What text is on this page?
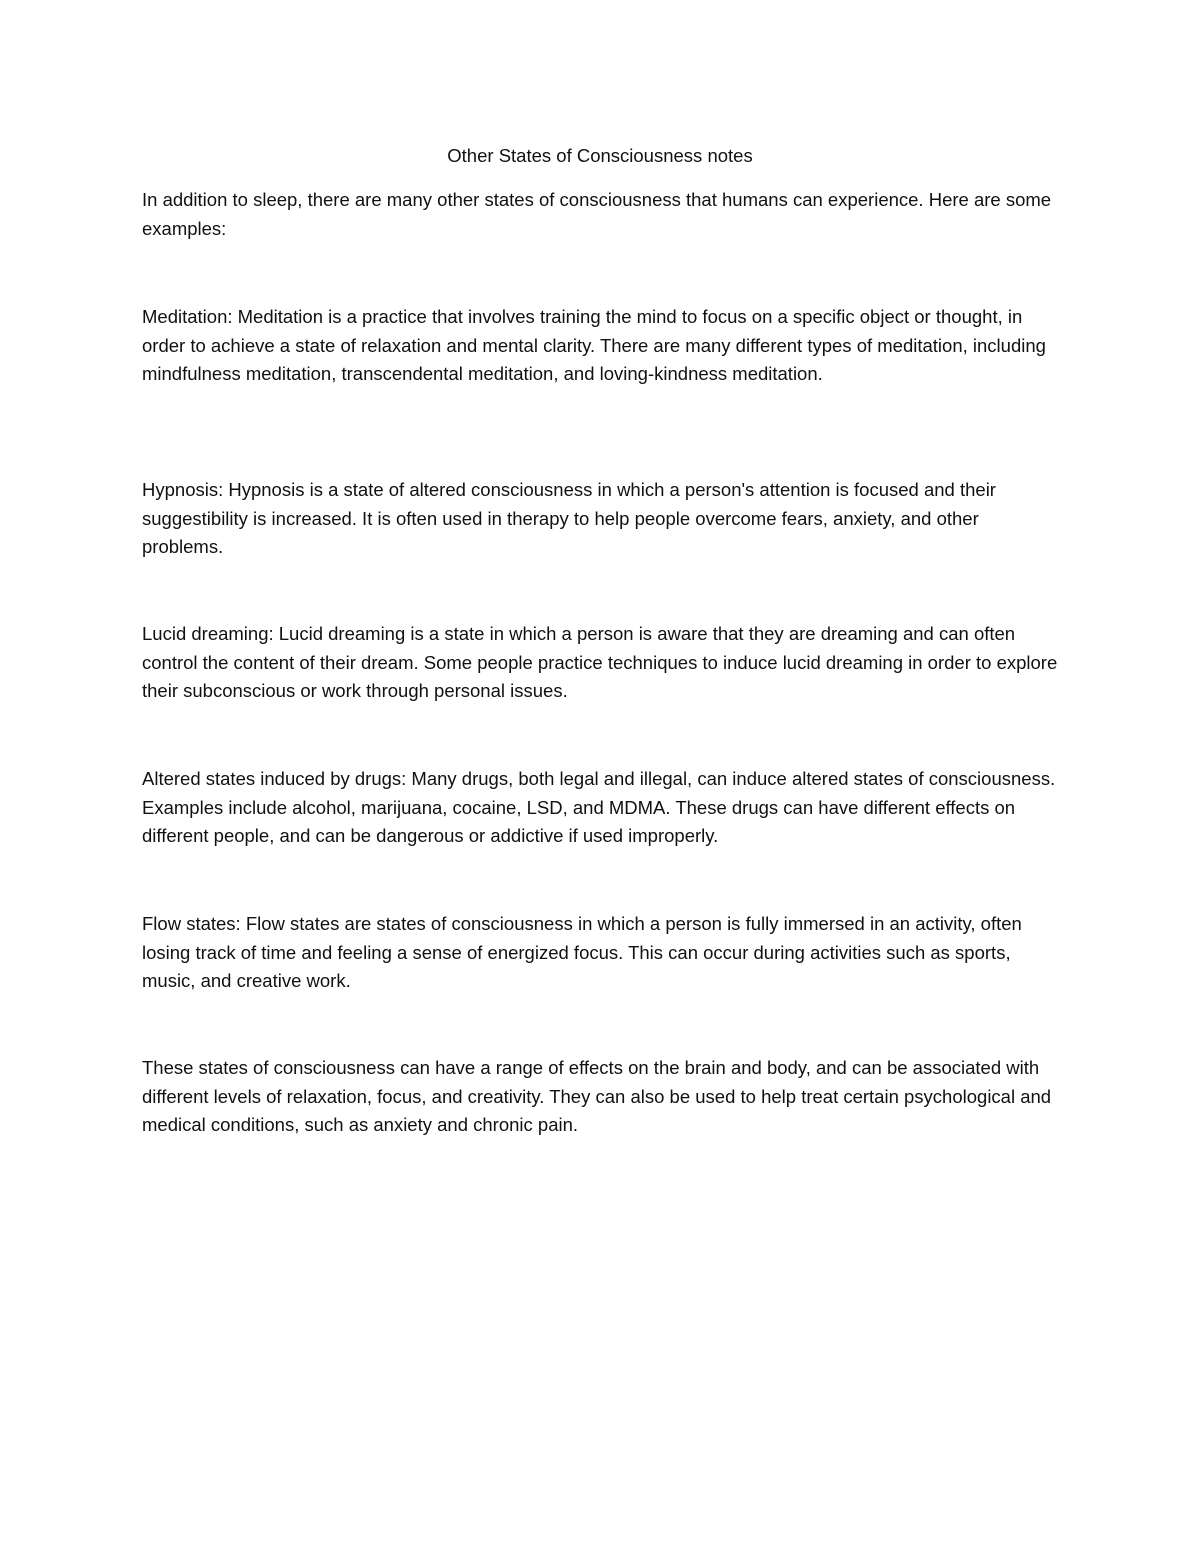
Other States of Consciousness notes

In addition to sleep, there are many other states of consciousness that humans can experience. Here are some examples:

Meditation: Meditation is a practice that involves training the mind to focus on a specific object or thought, in order to achieve a state of relaxation and mental clarity. There are many different types of meditation, including mindfulness meditation, transcendental meditation, and loving-kindness meditation.

Hypnosis: Hypnosis is a state of altered consciousness in which a person's attention is focused and their suggestibility is increased. It is often used in therapy to help people overcome fears, anxiety, and other problems.

Lucid dreaming: Lucid dreaming is a state in which a person is aware that they are dreaming and can often control the content of their dream. Some people practice techniques to induce lucid dreaming in order to explore their subconscious or work through personal issues.

Altered states induced by drugs: Many drugs, both legal and illegal, can induce altered states of consciousness. Examples include alcohol, marijuana, cocaine, LSD, and MDMA. These drugs can have different effects on different people, and can be dangerous or addictive if used improperly.

Flow states: Flow states are states of consciousness in which a person is fully immersed in an activity, often losing track of time and feeling a sense of energized focus. This can occur during activities such as sports, music, and creative work.

These states of consciousness can have a range of effects on the brain and body, and can be associated with different levels of relaxation, focus, and creativity. They can also be used to help treat certain psychological and medical conditions, such as anxiety and chronic pain.
